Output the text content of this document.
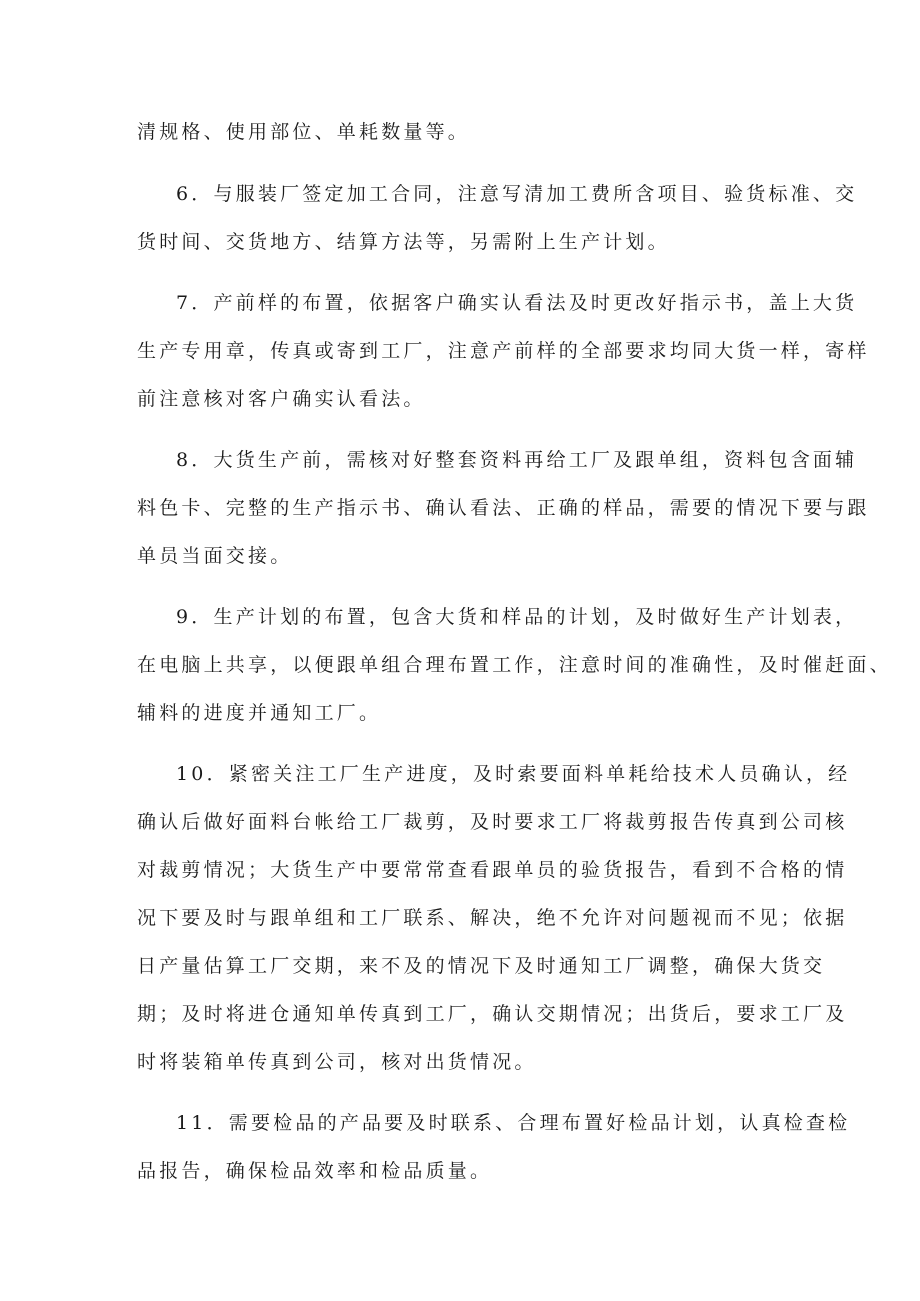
清规格、使用部位、单耗数量等。
6．与服装厂签定加工合同，注意写清加工费所含项目、验货标准、交
货时间、交货地方、结算方法等，另需附上生产计划。
7．产前样的布置，依据客户确实认看法及时更改好指示书，盖上大货
生产专用章，传真或寄到工厂，注意产前样的全部要求均同大货一样，寄样
前注意核对客户确实认看法。
8．大货生产前，需核对好整套资料再给工厂及跟单组，资料包含面辅
料色卡、完整的生产指示书、确认看法、正确的样品，需要的情况下要与跟
单员当面交接。
9．生产计划的布置，包含大货和样品的计划，及时做好生产计划表，
在电脑上共享，以便跟单组合理布置工作，注意时间的准确性，及时催赶面、
辅料的进度并通知工厂。
10．紧密关注工厂生产进度，及时索要面料单耗给技术人员确认，经
确认后做好面料台帐给工厂裁剪，及时要求工厂将裁剪报告传真到公司核
对裁剪情况；大货生产中要常常查看跟单员的验货报告，看到不合格的情
况下要及时与跟单组和工厂联系、解决，绝不允许对问题视而不见；依据
日产量估算工厂交期，来不及的情况下及时通知工厂调整，确保大货交
期；及时将进仓通知单传真到工厂，确认交期情况；出货后，要求工厂及
时将装箱单传真到公司，核对出货情况。
11．需要检品的产品要及时联系、合理布置好检品计划，认真检查检
品报告，确保检品效率和检品质量。
